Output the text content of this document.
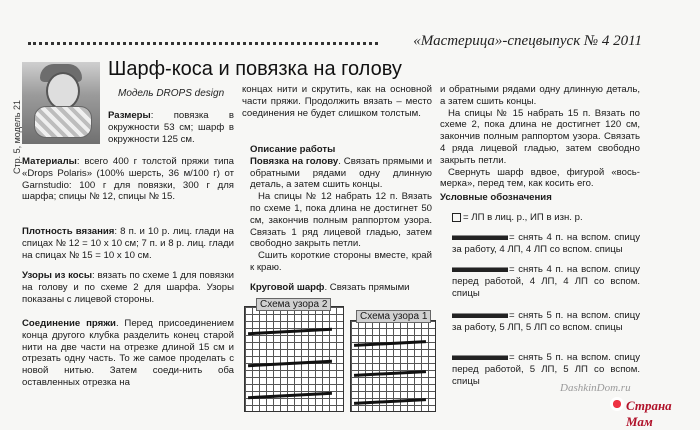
«Мастерица»-спецвыпуск № 4 2011
Стр. 5, модель 21
Шарф-коса и повязка на голову
Модель DROPS design

Размеры: повязка в окружности 53 см; шарф в окружности 125 см.

Материалы: всего 400 г толстой пряжи типа «Drops Polaris» (100% шерсть, 36 м/100 г) от Garnstudio: 100 г для повязки, 300 г для шарфа; спицы № 12, спицы № 15.

Плотность вязания: 8 п. и 10 р. лиц. глади на спицах № 12 = 10 х 10 см; 7 п. и 8 р. лиц. глади на спицах № 15 = 10 х 10 см.

Узоры из косы: вязать по схеме 1 для повязки на голову и по схеме 2 для шарфа. Узоры показаны с лицевой стороны.

Соединение пряжи. Перед присоединением конца другого клубка разделить конец старой нити на две части на отрезке длиной 15 см и отрезать одну часть. То же самое проделать с новой нитью. Затем соеди-нить оба оставленных отрезка на

концах нити и скрутить, как на основной части пряжи. Продолжить вязать – место соединения не будет слишком толстым.

Описание работы

Повязка на голову. Связать прямыми и обратными рядами одну длинную деталь, а затем сшить концы.

На спицы № 12 набрать 12 п. Вязать по схеме 1, пока длина не достигнет 50 см, закончив полным раппортом узора. Связать 1 ряд лицевой гладью, затем свободно закрыть петли.

Сшить короткие стороны вместе, край к краю.

Круговой шарф. Связать прямыми

Схема узора 2
Схема узора 1

и обратными рядами одну длинную деталь, а затем сшить концы.

На спицы № 15 набрать 15 п. Вязать по схеме 2, пока длина не достигнет 120 см, закончив полным раппортом узора. Связать 4 ряда лицевой гладью, затем свободно закрыть петли.

Свернуть шарф вдвое, фигурой «вось-мерка», перед тем, как косить его.

Условные обозначения

= ЛП в лиц. р., ИП в изн. р.

= снять 4 п. на вспом. спицу за работу, 4 ЛП, 4 ЛП со вспом. спицы

= снять 4 п. на вспом. спицу перед работой, 4 ЛП, 4 ЛП со вспом. спицы

= снять 5 п. на вспом. спицу за работу, 5 ЛП, 5 ЛП со вспом. спицы

= снять 5 п. на вспом. спицу перед работой, 5 ЛП, 5 ЛП со вспом. спицы

DashkinDom.ru
Страна Мам
